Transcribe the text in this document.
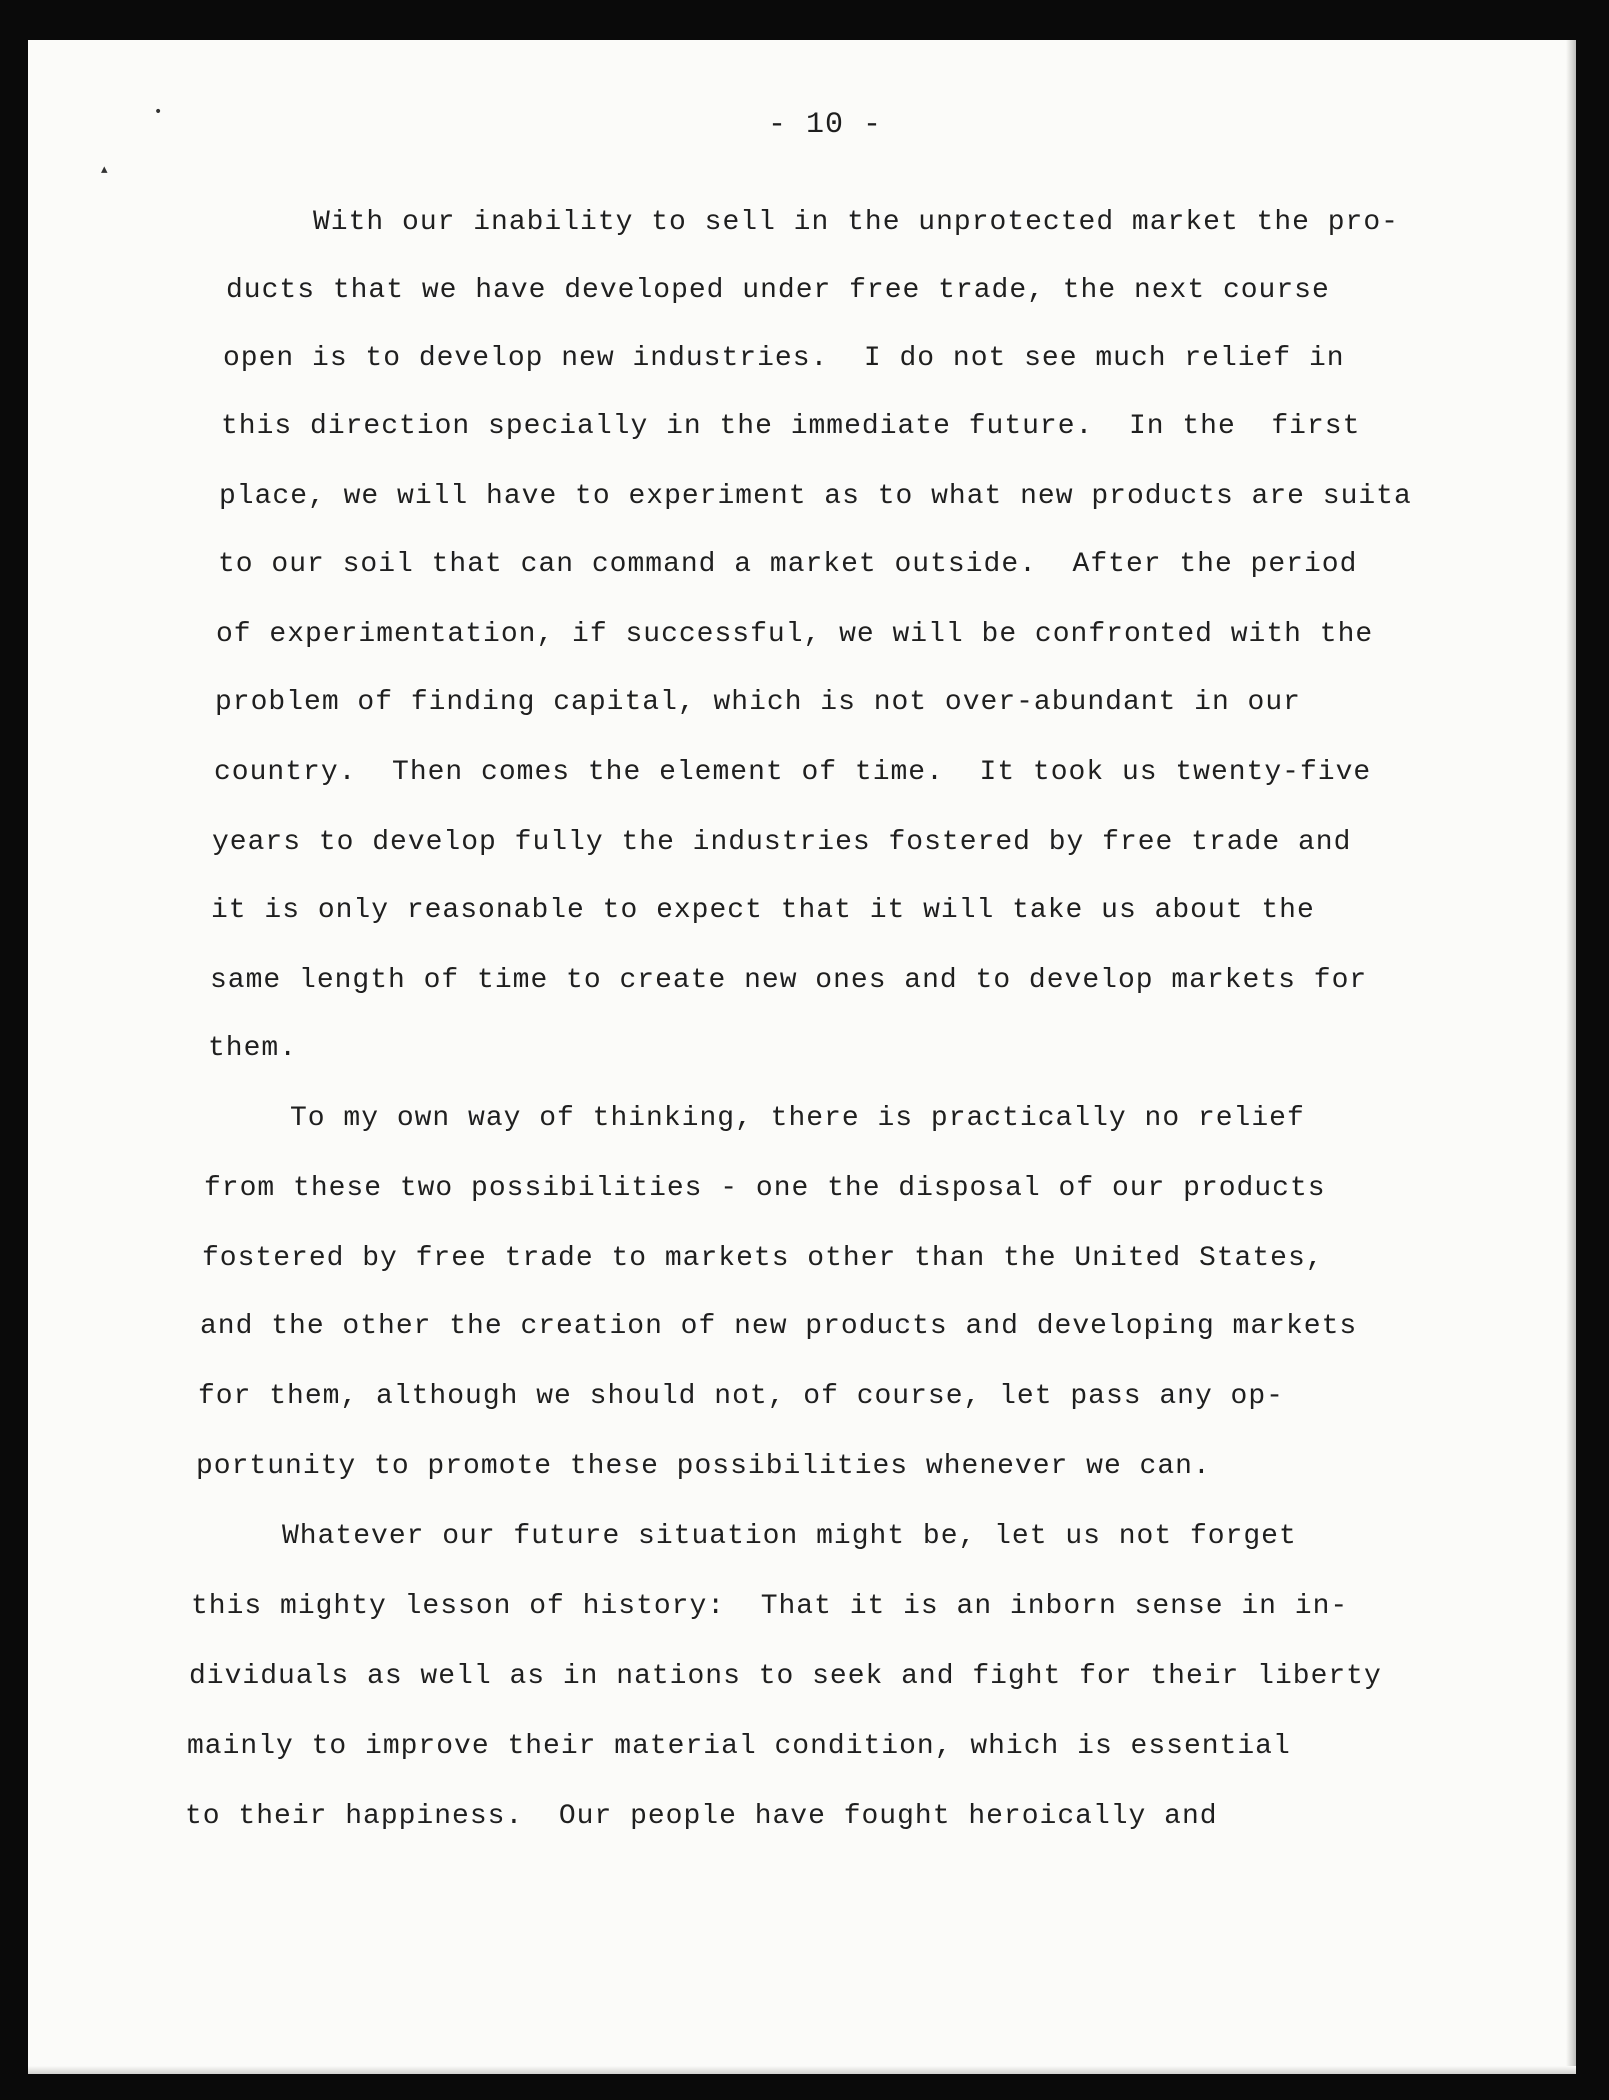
•
▴
- 10 -

With our inability to sell in the unprotected market the pro-

ducts that we have developed under free trade, the next course

open is to develop new industries.  I do not see much relief in

this direction specially in the immediate future.  In the  first

place, we will have to experiment as to what new products are suita

to our soil that can command a market outside.  After the period

of experimentation, if successful, we will be confronted with the

problem of finding capital, which is not over-abundant in our

country.  Then comes the element of time.  It took us twenty-five

years to develop fully the industries fostered by free trade and

it is only reasonable to expect that it will take us about the

same length of time to create new ones and to develop markets for

them.

To my own way of thinking, there is practically no relief

from these two possibilities - one the disposal of our products

fostered by free trade to markets other than the United States,

and the other the creation of new products and developing markets

for them, although we should not, of course, let pass any op-

portunity to promote these possibilities whenever we can.

Whatever our future situation might be, let us not forget

this mighty lesson of history:  That it is an inborn sense in in-

dividuals as well as in nations to seek and fight for their liberty

mainly to improve their material condition, which is essential

to their happiness.  Our people have fought heroically and
